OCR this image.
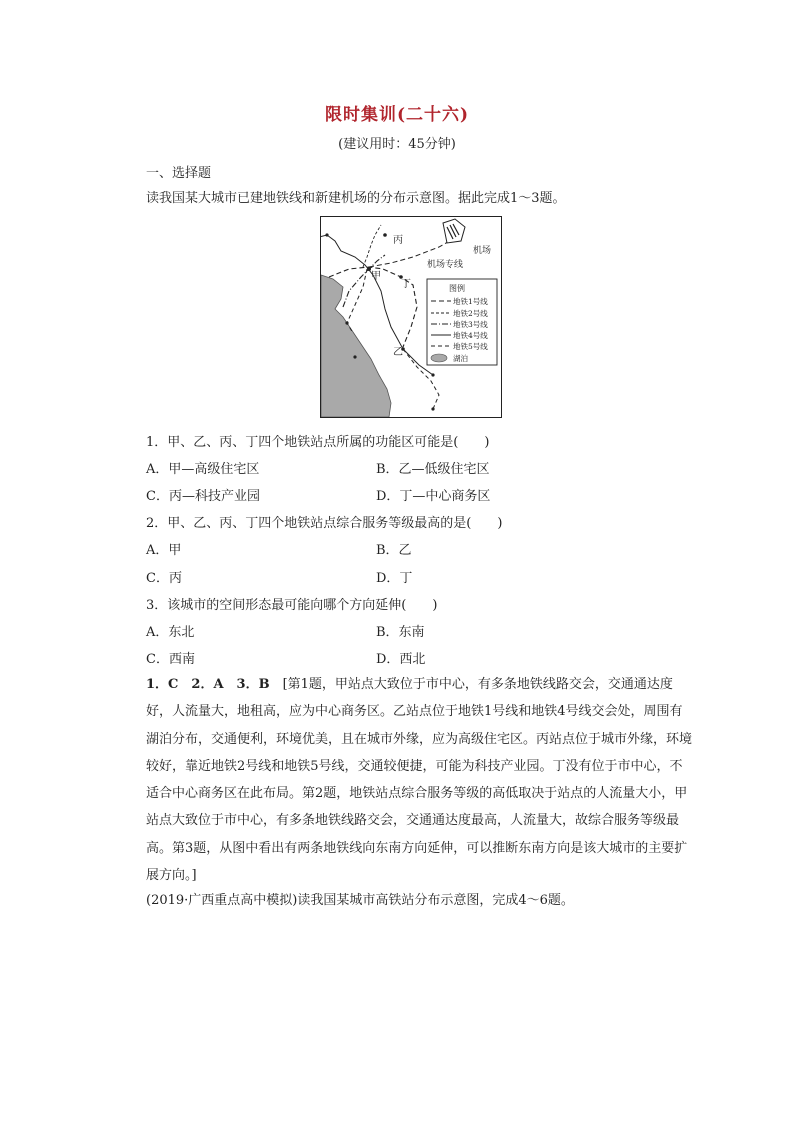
限时集训(二十六)
(建议用时：45分钟)
一、选择题
读我国某大城市已建地铁线和新建机场的分布示意图。据此完成1～3题。
丙
甲
丁
乙
机场
机场专线
图例
地铁1号线
地铁2号线
地铁3号线
地铁4号线
地铁5号线
湖泊
1．甲、乙、丙、丁四个地铁站点所属的功能区可能是(　　)
A．甲—高级住宅区	B．乙—低级住宅区
C．丙—科技产业园	D．丁—中心商务区
2．甲、乙、丙、丁四个地铁站点综合服务等级最高的是(　　)
A．甲	B．乙
C．丙	D．丁
3．该城市的空间形态最可能向哪个方向延伸(　　)
A．东北	B．东南
C．西南	D．西北
1．C　2．A　3．B　[第1题，甲站点大致位于市中心，有多条地铁线路交会，交通通达度好，人流量大，地租高，应为中心商务区。乙站点位于地铁1号线和地铁4号线交会处，周围有湖泊分布，交通便利，环境优美，且在城市外缘，应为高级住宅区。丙站点位于城市外缘，环境较好，靠近地铁2号线和地铁5号线，交通较便捷，可能为科技产业园。丁没有位于市中心，不适合中心商务区在此布局。第2题，地铁站点综合服务等级的高低取决于站点的人流量大小，甲站点大致位于市中心，有多条地铁线路交会，交通通达度最高，人流量大，故综合服务等级最高。第3题，从图中看出有两条地铁线向东南方向延伸，可以推断东南方向是该大城市的主要扩展方向。]
(2019·广西重点高中模拟)读我国某城市高铁站分布示意图，完成4～6题。
